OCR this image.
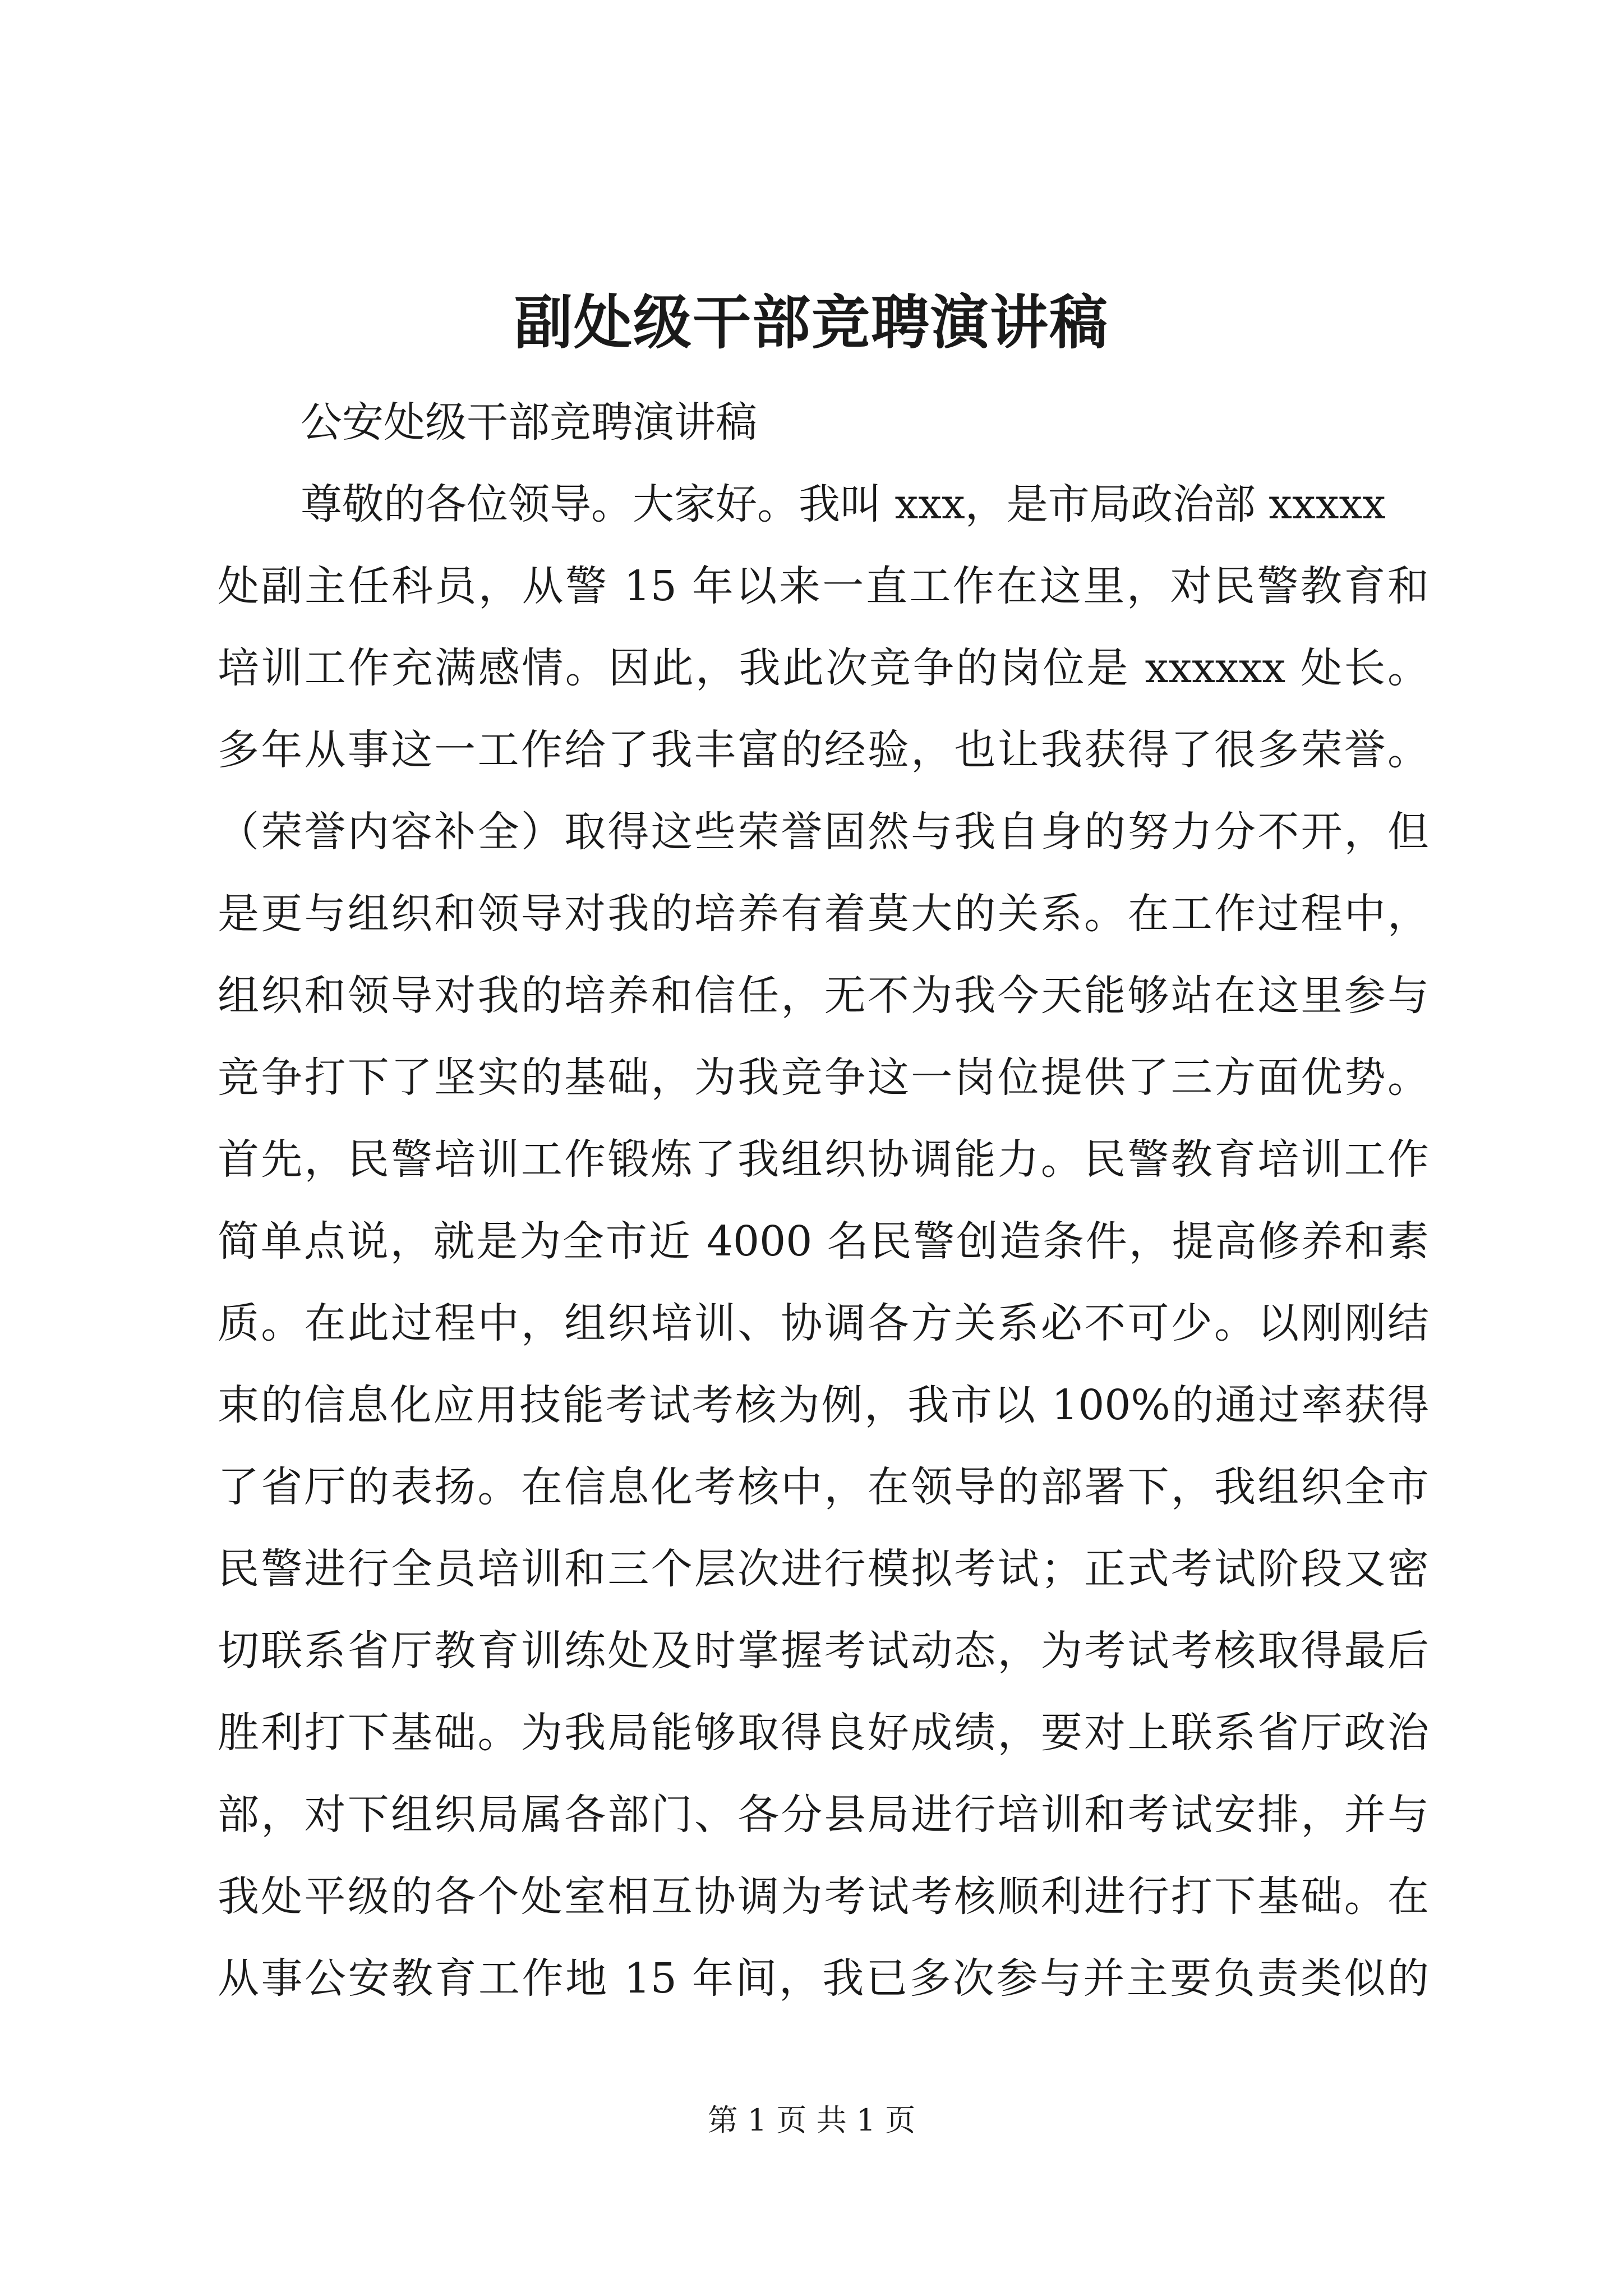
副处级干部竞聘演讲稿
公安处级干部竞聘演讲稿
尊敬的各位领导。大家好。我叫 xxx，是市局政治部 xxxxx
处副主任科员，从警 15 年以来一直工作在这里，对民警教育和
培训工作充满感情。因此，我此次竞争的岗位是 xxxxxx 处长。
多年从事这一工作给了我丰富的经验，也让我获得了很多荣誉。
（荣誉内容补全）取得这些荣誉固然与我自身的努力分不开，但
是更与组织和领导对我的培养有着莫大的关系。在工作过程中，
组织和领导对我的培养和信任，无不为我今天能够站在这里参与
竞争打下了坚实的基础，为我竞争这一岗位提供了三方面优势。
首先，民警培训工作锻炼了我组织协调能力。民警教育培训工作
简单点说，就是为全市近 4000 名民警创造条件，提高修养和素
质。在此过程中，组织培训、协调各方关系必不可少。以刚刚结
束的信息化应用技能考试考核为例，我市以 100%的通过率获得
了省厅的表扬。在信息化考核中，在领导的部署下，我组织全市
民警进行全员培训和三个层次进行模拟考试；正式考试阶段又密
切联系省厅教育训练处及时掌握考试动态，为考试考核取得最后
胜利打下基础。为我局能够取得良好成绩，要对上联系省厅政治
部，对下组织局属各部门、各分县局进行培训和考试安排，并与
我处平级的各个处室相互协调为考试考核顺利进行打下基础。在
从事公安教育工作地 15 年间，我已多次参与并主要负责类似的
第 1 页 共 1 页
